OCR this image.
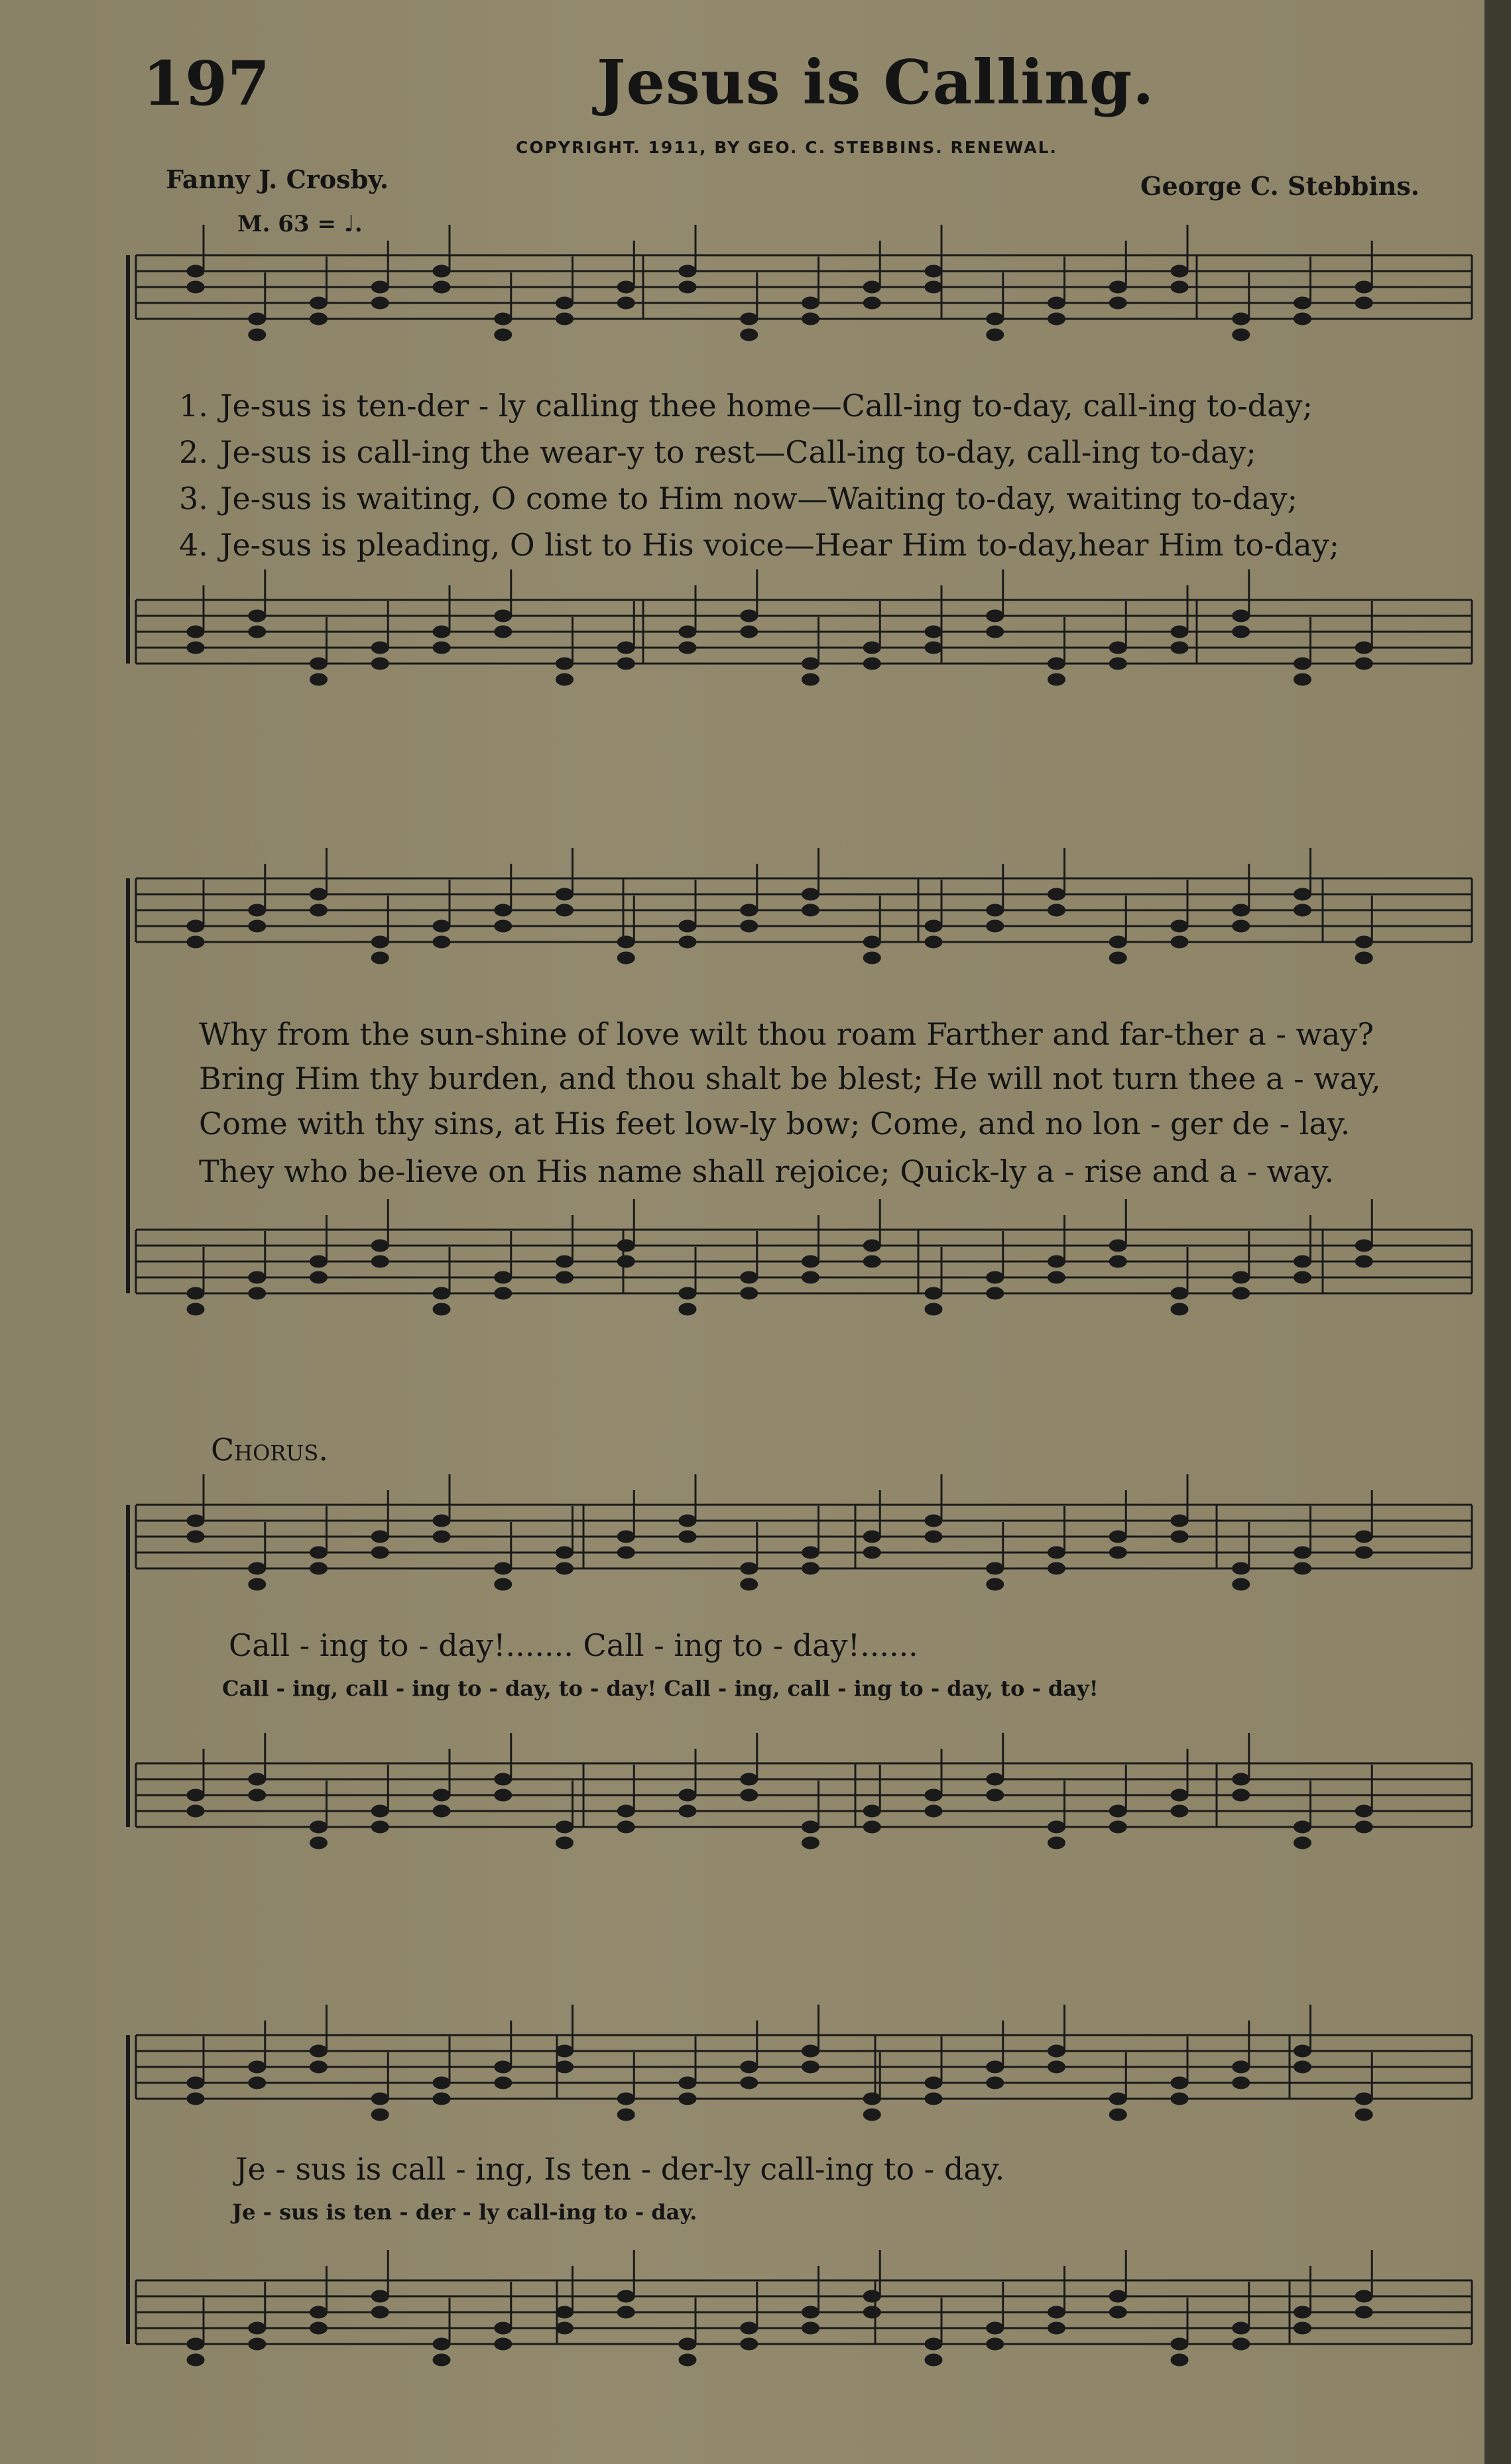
197	Jesus is Calling.
COPYRIGHT. 1911, BY GEO. C. STEBBINS. RENEWAL.
Fanny J. Crosby.	George C. Stebbins.
M. 63 = ♩.
1. Je-sus is ten-der - ly calling thee home—Call-ing to-day, call-ing to-day;
2. Je-sus is call-ing the wear-y to rest—Call-ing to-day, call-ing to-day;
3. Je-sus is waiting, O come to Him now—Waiting to-day, waiting to-day;
4. Je-sus is pleading, O list to His voice—Hear Him to-day,hear Him to-day;
Why from the sun-shine of love wilt thou roam Farther and far-ther a - way?
Bring Him thy burden, and thou shalt be blest; He will not turn thee a - way,
Come with thy sins, at His feet low-ly bow; Come, and no lon - ger de - lay.
They who be-lieve on His name shall rejoice; Quick-ly a - rise and a - way.
Chorus.
Call - ing to - day!....... Call - ing to - day!......
Call - ing, call - ing to - day, to - day! Call - ing, call - ing to - day, to - day!
Je - sus is call - ing, Is ten - der-ly call-ing to - day.
Je - sus is ten - der - ly call-ing to - day.
